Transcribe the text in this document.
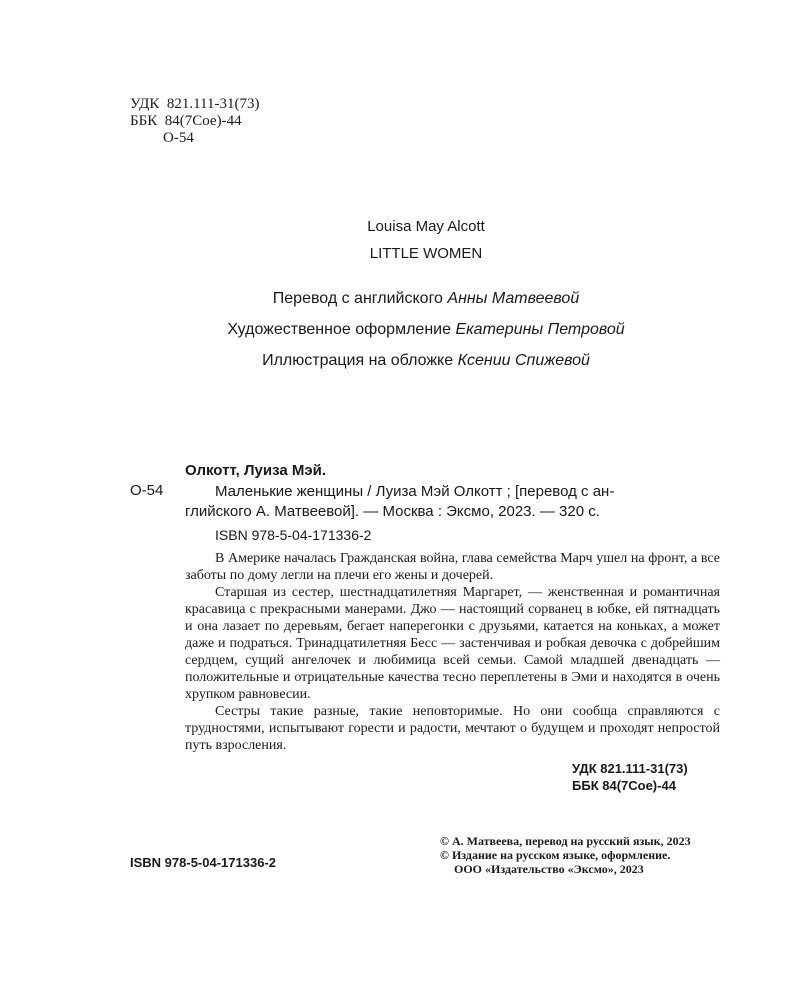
УДК  821.111-31(73)
ББК  84(7Сое)-44
О-54
Louisa May Alcott
LITTLE WOMEN
Перевод с английского Анны Матвеевой
Художественное оформление Екатерины Петровой
Иллюстрация на обложке Ксении Спижевой
Олкотт, Луиза Мэй.
О-54	Маленькие женщины / Луиза Мэй Олкотт ; [перевод с ан-
глийского А. Матвеевой]. — Москва : Эксмо, 2023. — 320 с.
ISBN 978-5-04-171336-2

В Америке началась Гражданская война, глава семейства Марч ушел на фронт, а все заботы по дому легли на плечи его жены и дочерей.

Старшая из сестер, шестнадцатилетняя Маргарет, — женственная и романтичная красавица с прекрасными манерами. Джо — настоящий сорванец в юбке, ей пятнадцать и она лазает по деревьям, бегает наперегонки с друзьями, катается на коньках, а может даже и подраться. Тринадцатилетняя Бесс — застенчивая и робкая девочка с добрейшим сердцем, сущий ангелочек и любимица всей семьи. Самой младшей двенадцать — положительные и отрицательные качества тесно переплетены в Эми и находятся в очень хрупком равновесии.

Сестры такие разные, такие неповторимые. Но они сообща справляются с трудностями, испытывают горести и радости, мечтают о будущем и проходят непростой путь взросления.

УДК 821.111-31(73)
ББК 84(7Сое)-44
© А. Матвеева, перевод на русский язык, 2023
© Издание на русском языке, оформление.
ООО «Издательство «Эксмо», 2023
ISBN 978-5-04-171336-2
